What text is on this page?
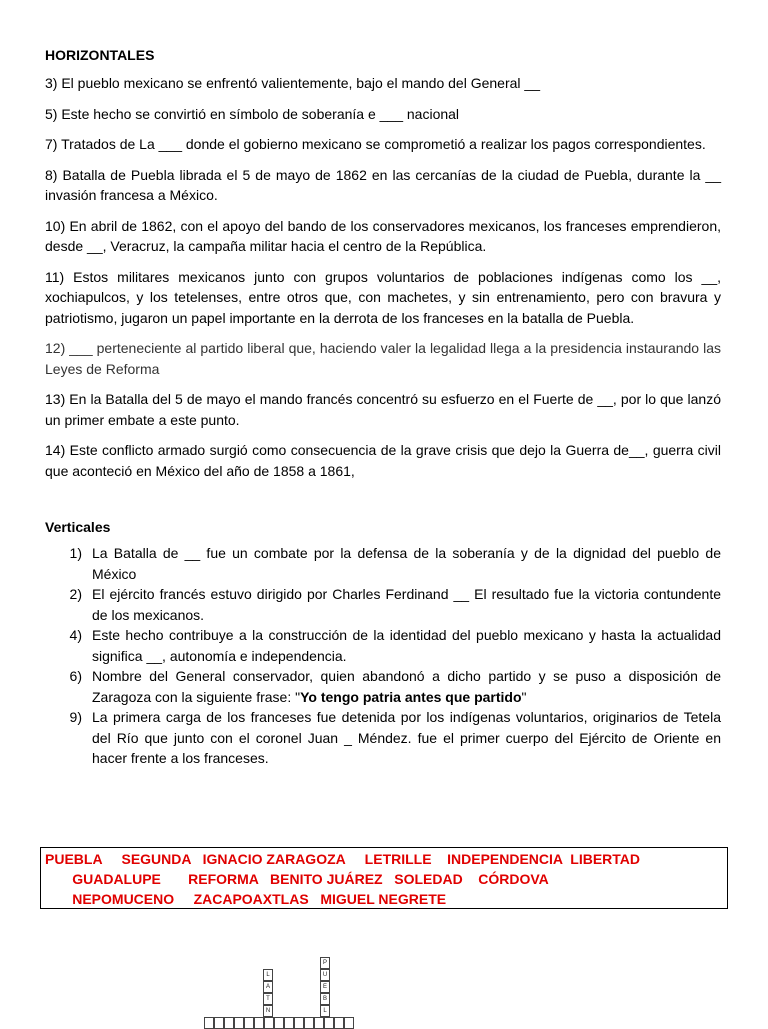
HORIZONTALES

3) El pueblo mexicano se enfrentó valientemente, bajo el mando del General __

5) Este hecho se convirtió en símbolo de soberanía e ___ nacional

7) Tratados de La ___ donde el gobierno mexicano se comprometió a realizar los pagos correspondientes.

8) Batalla de Puebla librada el 5 de mayo de 1862 en las cercanías de la ciudad de Puebla, durante la __ invasión francesa a México.

10) En abril de 1862, con el apoyo del bando de los conservadores mexicanos, los franceses emprendieron, desde __, Veracruz, la campaña militar hacia el centro de la República.

11) Estos militares mexicanos junto con grupos voluntarios de poblaciones indígenas como los __, xochiapulcos, y los tetelenses, entre otros que, con machetes, y sin entrenamiento, pero con bravura y patriotismo, jugaron un papel importante en la derrota de los franceses en la batalla de Puebla.

12) ___ perteneciente al partido liberal que, haciendo valer la legalidad llega a la presidencia instaurando las Leyes de Reforma

13) En la Batalla del 5 de mayo el mando francés concentró su esfuerzo en el Fuerte de __, por lo que lanzó un primer embate a este punto.

14) Este conflicto armado surgió como consecuencia de la grave crisis que dejo la Guerra de__, guerra civil que aconteció en México del año de 1858 a 1861,

Verticales
1) La Batalla de __ fue un combate por la defensa de la soberanía y de la dignidad del pueblo de México
2) El ejército francés estuvo dirigido por Charles Ferdinand __ El resultado fue la victoria contundente de los mexicanos.
4) Este hecho contribuye a la construcción de la identidad del pueblo mexicano y hasta la actualidad significa __, autonomía e independencia.
6) Nombre del General conservador, quien abandonó a dicho partido y se puso a disposición de Zaragoza con la siguiente frase: "Yo tengo patria antes que partido"
9) La primera carga de los franceses fue detenida por los indígenas voluntarios, originarios de Tetela del Río que junto con el coronel Juan _ Méndez. fue el primer cuerpo del Ejército de Oriente en hacer frente a los franceses.
PUEBLA     SEGUNDA   IGNACIO ZARAGOZA     LETRILLE    INDEPENDENCIA  LIBERTAD
GUADALUPE       REFORMA   BENITO JUÁREZ   SOLEDAD    CÓRDOVA
NEPOMUCENO     ZACAPOAXTLAS   MIGUEL NEGRETE
L
A
T
N
P
U
E
B
L
